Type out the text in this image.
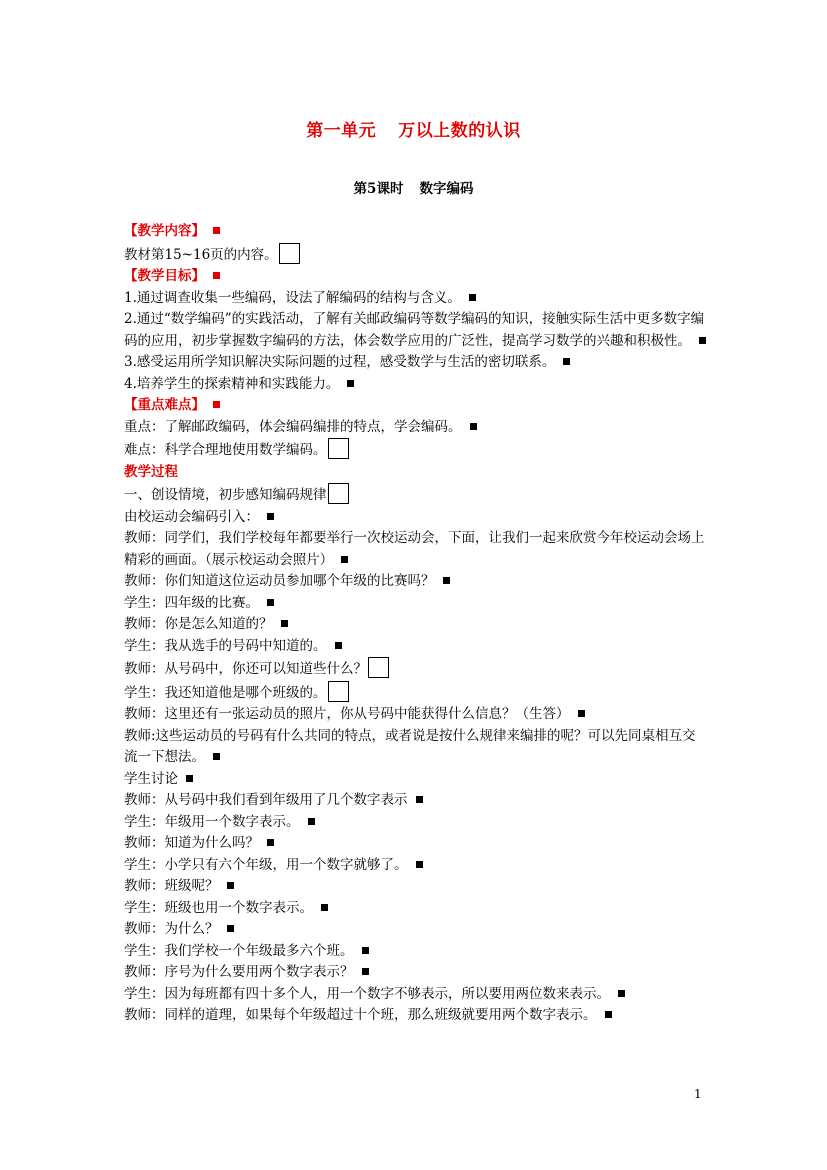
第一单元 万以上数的认识
第5课时 数字编码
【教学内容】
教材第15~16页的内容。
【教学目标】
1.通过调查收集一些编码，设法了解编码的结构与含义。
2.通过“数学编码”的实践活动，了解有关邮政编码等数学编码的知识，接触实际生活中更多数字编码的应用，初步掌握数字编码的方法，体会数学应用的广泛性，提高学习数学的兴趣和积极性。
3.感受运用所学知识解决实际问题的过程，感受数学与生活的密切联系。
4.培养学生的探索精神和实践能力。
【重点难点】
重点：了解邮政编码，体会编码编排的特点，学会编码。
难点：科学合理地使用数学编码。
教学过程
一、创设情境，初步感知编码规律
由校运动会编码引入：
教师：同学们，我们学校每年都要举行一次校运动会，下面，让我们一起来欣赏今年校运动会场上精彩的画面。（展示校运动会照片）
教师：你们知道这位运动员参加哪个年级的比赛吗？
学生：四年级的比赛。
教师：你是怎么知道的？
学生：我从选手的号码中知道的。
教师：从号码中，你还可以知道些什么？
学生：我还知道他是哪个班级的。
教师：这里还有一张运动员的照片，你从号码中能获得什么信息？（生答）
教师:这些运动员的号码有什么共同的特点，或者说是按什么规律来编排的呢？可以先同桌相互交流一下想法。
学生讨论
教师：从号码中我们看到年级用了几个数字表示
学生：年级用一个数字表示。
教师：知道为什么吗？
学生：小学只有六个年级，用一个数字就够了。
教师：班级呢？
学生：班级也用一个数字表示。
教师：为什么？
学生：我们学校一个年级最多六个班。
教师：序号为什么要用两个数字表示？
学生：因为每班都有四十多个人，用一个数字不够表示，所以要用两位数来表示。
教师：同样的道理，如果每个年级超过十个班，那么班级就要用两个数字表示。
1
